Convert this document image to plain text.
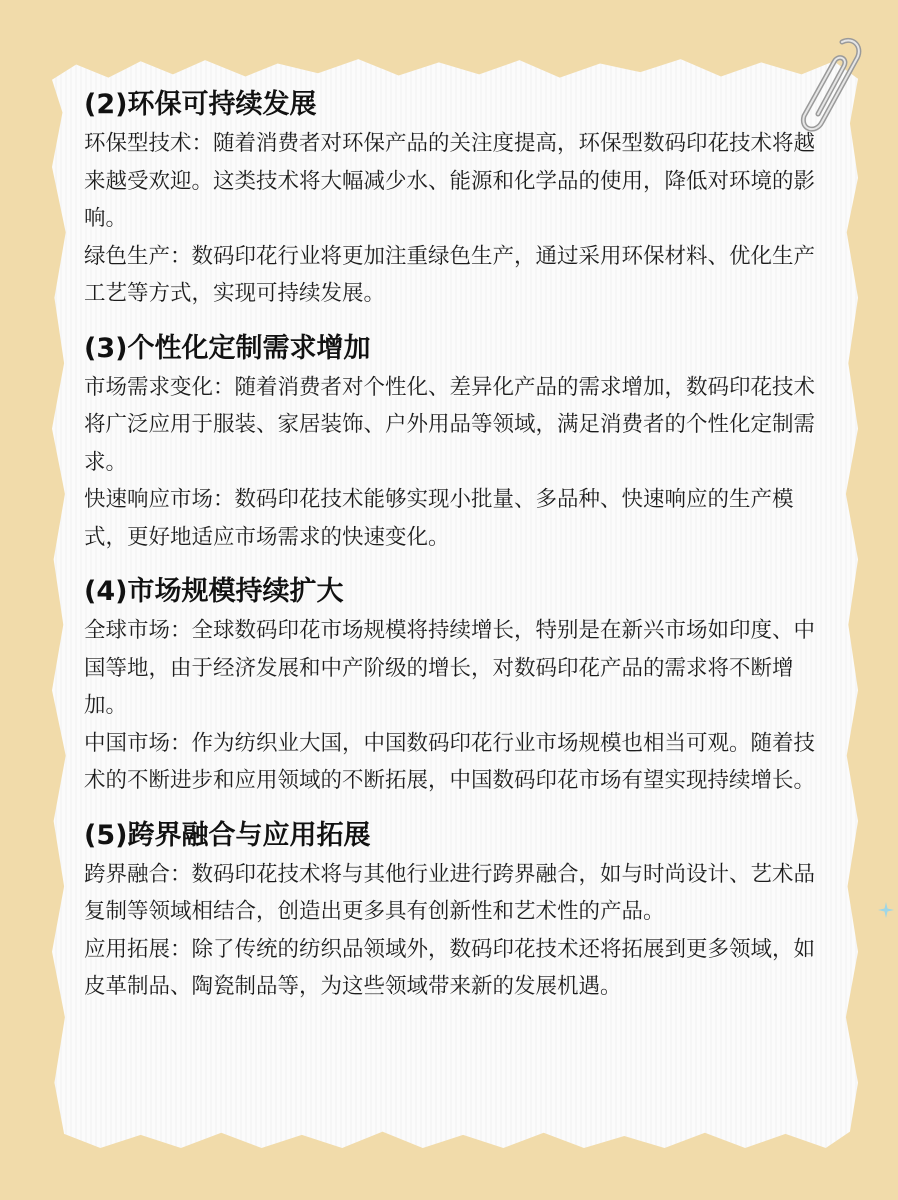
(2)环保可持续发展

环保型技术：随着消费者对环保产品的关注度提高，环保型数码印花技术将越来越受欢迎。这类技术将大幅减少水、能源和化学品的使用，降低对环境的影响。

绿色生产：数码印花行业将更加注重绿色生产，通过采用环保材料、优化生产工艺等方式，实现可持续发展。

(3)个性化定制需求增加

市场需求变化：随着消费者对个性化、差异化产品的需求增加，数码印花技术将广泛应用于服装、家居装饰、户外用品等领域，满足消费者的个性化定制需求。

快速响应市场：数码印花技术能够实现小批量、多品种、快速响应的生产模式，更好地适应市场需求的快速变化。

(4)市场规模持续扩大

全球市场：全球数码印花市场规模将持续增长，特别是在新兴市场如印度、中国等地，由于经济发展和中产阶级的增长，对数码印花产品的需求将不断增加。

中国市场：作为纺织业大国，中国数码印花行业市场规模也相当可观。随着技术的不断进步和应用领域的不断拓展，中国数码印花市场有望实现持续增长。

(5)跨界融合与应用拓展

跨界融合：数码印花技术将与其他行业进行跨界融合，如与时尚设计、艺术品复制等领域相结合，创造出更多具有创新性和艺术性的产品。

应用拓展：除了传统的纺织品领域外，数码印花技术还将拓展到更多领域，如皮革制品、陶瓷制品等，为这些领域带来新的发展机遇。
